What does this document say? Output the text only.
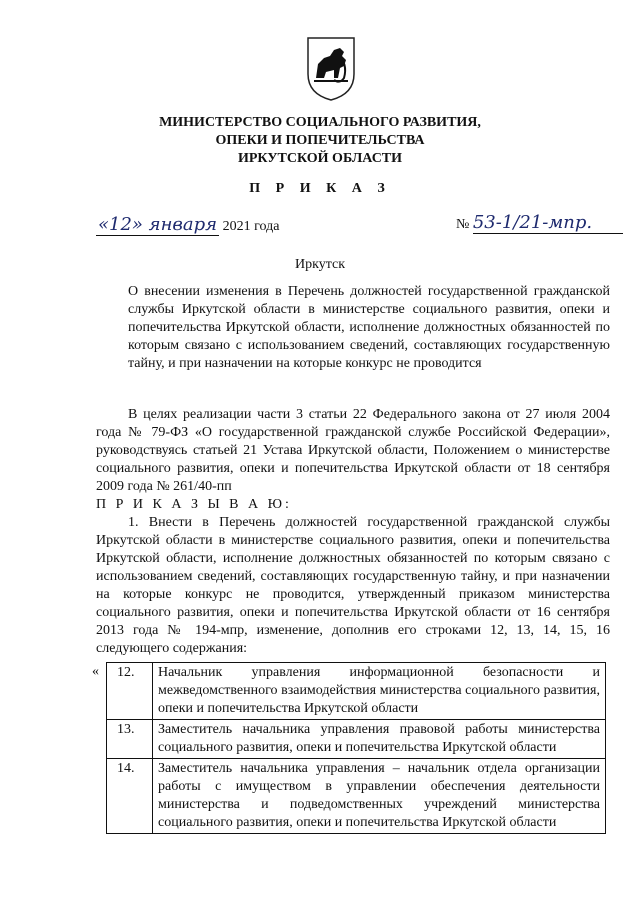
МИНИСТЕРСТВО СОЦИАЛЬНОГО РАЗВИТИЯ,
ОПЕКИ И ПОПЕЧИТЕЛЬСТВА
ИРКУТСКОЙ ОБЛАСТИ
П Р И К А З
«12» января 2021 года	№ 53-1/21-мпр.
Иркутск
О внесении изменения в Перечень должностей государственной гражданской службы Иркутской области в министерстве социального развития, опеки и попечительства Иркутской области, исполнение должностных обязанностей по которым связано с использованием сведений, составляющих государственную тайну, и при назначении на которые конкурс не проводится

В целях реализации части 3 статьи 22 Федерального закона от 27 июля 2004 года № 79-ФЗ «О государственной гражданской службе Российской Федерации», руководствуясь статьей 21 Устава Иркутской области, Положением о министерстве социального развития, опеки и попечительства Иркутской области от 18 сентября 2009 года № 261/40-пп

П Р И К А З Ы В А Ю:

1. Внести в Перечень должностей государственной гражданской службы Иркутской области в министерстве социального развития, опеки и попечительства Иркутской области, исполнение должностных обязанностей по которым связано с использованием сведений, составляющих государственную тайну, и при назначении на которые конкурс не проводится, утвержденный приказом министерства социального развития, опеки и попечительства Иркутской области от 16 сентября 2013 года № 194-мпр, изменение, дополнив его строками 12, 13, 14, 15, 16 следующего содержания:

« 12.	Начальник управления информационной безопасности и межведомственного взаимодействия министерства социального развития, опеки и попечительства Иркутской области
13.	Заместитель начальника управления правовой работы министерства социального развития, опеки и попечительства Иркутской области
14.	Заместитель начальника управления – начальник отдела организации работы с имуществом в управлении обеспечения деятельности министерства и подведомственных учреждений министерства социального развития, опеки и попечительства Иркутской области
